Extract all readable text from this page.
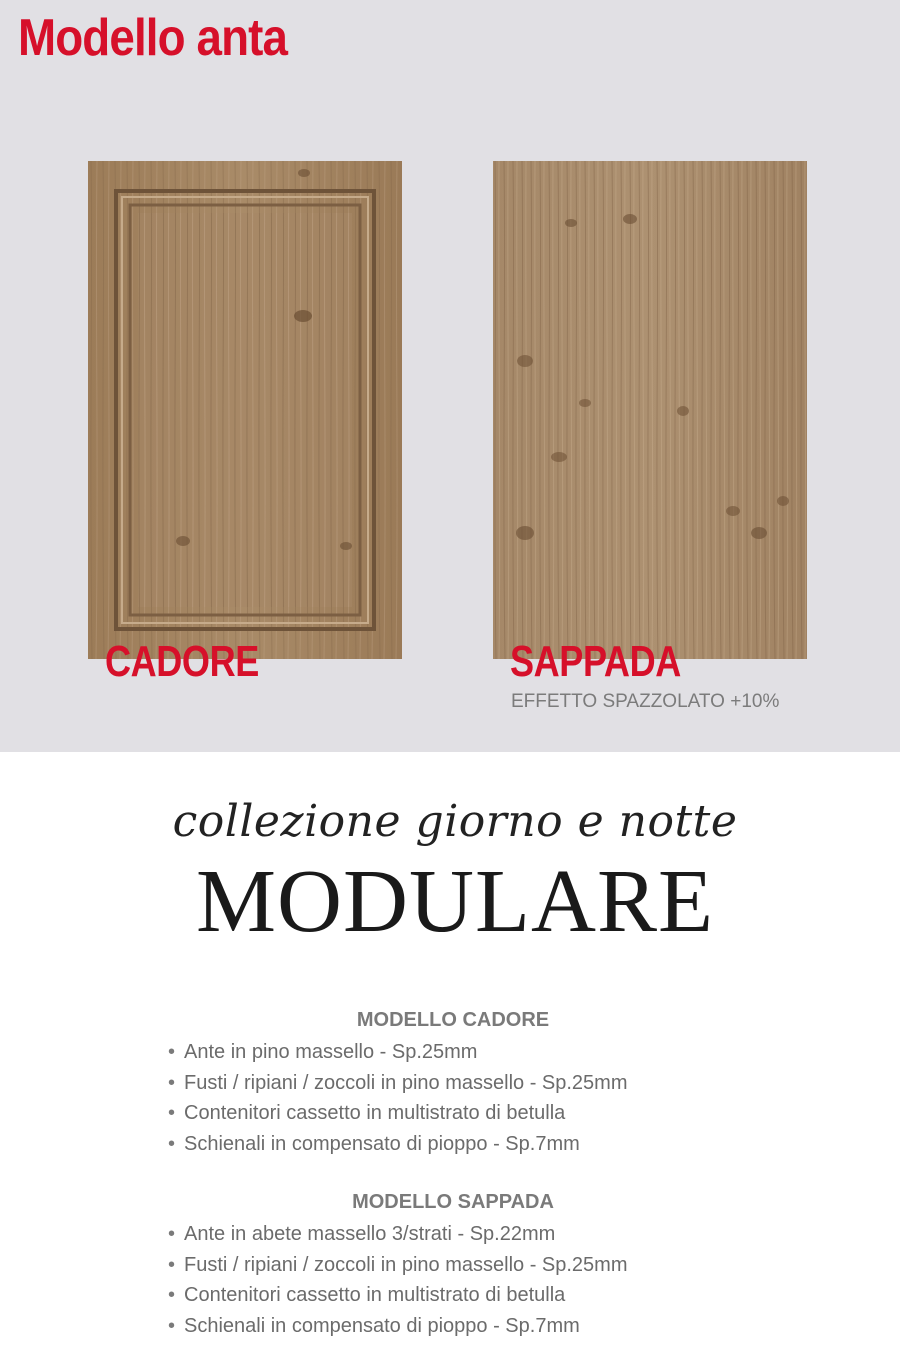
Modello anta
CADORE	SAPPADA
EFFETTO SPAZZOLATO +10%
collezione giorno e notte
MODULARE
MODELLO CADORE
• Ante in pino massello - Sp.25mm
• Fusti / ripiani / zoccoli in pino massello - Sp.25mm
• Contenitori cassetto in multistrato di betulla
• Schienali in compensato di pioppo - Sp.7mm
MODELLO SAPPADA
• Ante in abete massello 3/strati - Sp.22mm
• Fusti / ripiani / zoccoli in pino massello - Sp.25mm
• Contenitori cassetto in multistrato di betulla
• Schienali in compensato di pioppo - Sp.7mm
